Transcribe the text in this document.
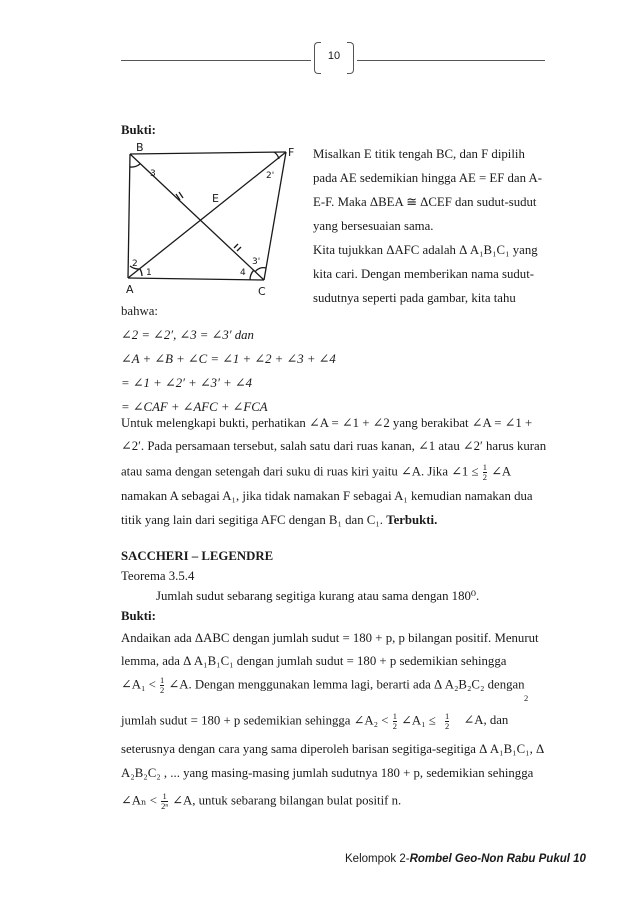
10
Bukti:
B	F
E
A	C
1
2
3
4
2'
3'
Misalkan E titik tengah BC, dan F dipilih
pada AE sedemikian hingga AE = EF dan A-
E-F. Maka ΔBEA ≅ ΔCEF dan sudut-sudut
yang bersesuaian sama.
Kita tujukkan ΔAFC adalah Δ A₁B₁C₁ yang
kita cari. Dengan memberikan nama sudut-
sudutnya seperti pada gambar, kita tahu
bahwa:
∠2 = ∠2′, ∠3 = ∠3′ dan
∠A + ∠B + ∠C = ∠1 + ∠2 + ∠3 + ∠4
= ∠1 + ∠2′ + ∠3′ + ∠4
= ∠CAF + ∠AFC + ∠FCA
Untuk melengkapi bukti, perhatikan ∠A = ∠1 + ∠2 yang berakibat ∠A = ∠1 +
∠2′. Pada persamaan tersebut, salah satu dari ruas kanan, ∠1 atau ∠2′ harus kuran
atau sama dengan setengah dari suku di ruas kiri yaitu ∠A. Jika ∠1 ≤ $\frac{1}{2}$ ∠A
namakan A sebagai A₁, jika tidak namakan F sebagai A₁ kemudian namakan dua
titik yang lain dari segitiga AFC dengan B₁ dan C₁. Terbukti.
SACCHERI – LEGENDRE
Teorema 3.5.4
Jumlah sudut sebarang segitiga kurang atau sama dengan 180⁰.
Bukti:
Andaikan ada ΔABC dengan jumlah sudut = 180 + p, p bilangan positif. Menurut
lemma, ada Δ A₁B₁C₁ dengan jumlah sudut = 180 + p sedemikian sehingga
∠A₁ < $\frac{1}{2}$ ∠A. Dengan menggunakan lemma lagi, berarti ada Δ A₂B₂C₂ dengan
2
jumlah sudut = 180 + p sedemikian sehingga ∠A₂ < $\frac{1}{2}$ ∠A₁ ≤ $\frac{1}{2}$ ∠A, dan
seterusnya dengan cara yang sama diperoleh barisan segitiga-segitiga Δ A₁B₁C₁, Δ
A₂B₂C₂ , ... yang masing-masing jumlah sudutnya 180 + p, sedemikian sehingga
∠Aₙ < $\frac{1}{\text{2ⁿ}}$ ∠A, untuk sebarang bilangan bulat positif n.
Kelompok 2-Rombel Geo-Non Rabu Pukul 10
